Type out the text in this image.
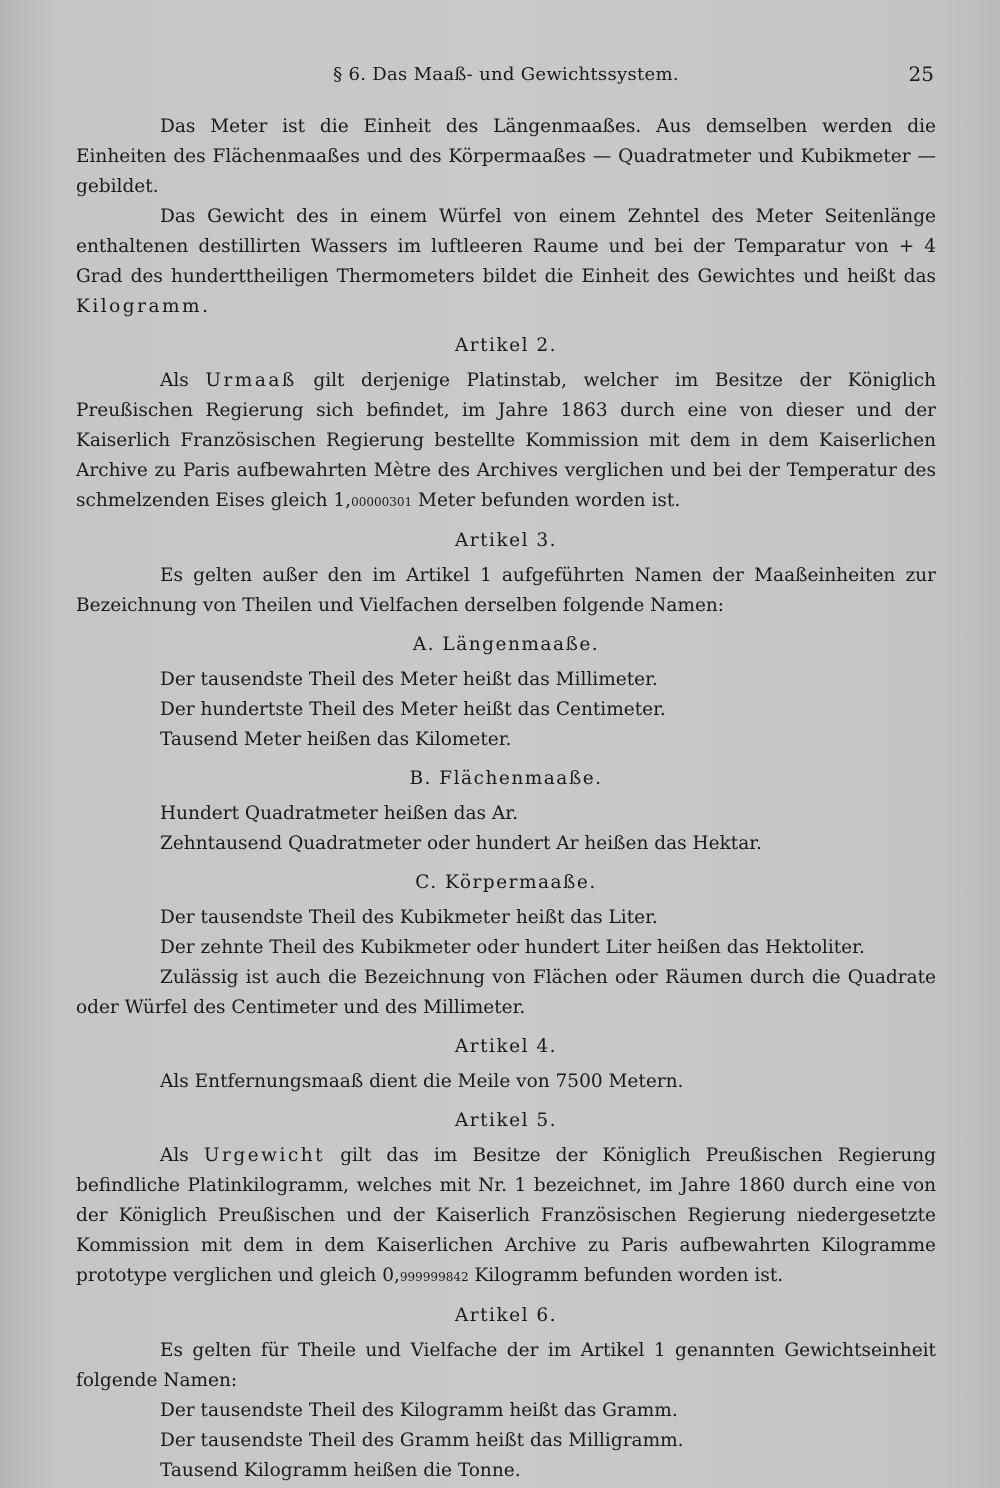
§ 6. Das Maaß- und Gewichtssystem.	25

Das Meter ist die Einheit des Längenmaaßes. Aus demselben werden die Einheiten des Flächenmaaßes und des Körpermaaßes — Quadratmeter und Kubikmeter — gebildet.

Das Gewicht des in einem Würfel von einem Zehntel des Meter Seitenlänge enthaltenen destillirten Wassers im luftleeren Raume und bei der Temparatur von + 4 Grad des hunderttheiligen Thermometers bildet die Einheit des Gewichtes und heißt das Kilogramm.

Artikel 2.

Als Urmaaß gilt derjenige Platinstab, welcher im Besitze der Königlich Preußischen Regierung sich befindet, im Jahre 1863 durch eine von dieser und der Kaiserlich Französischen Regierung bestellte Kommission mit dem in dem Kaiserlichen Archive zu Paris aufbewahrten Mètre des Archives verglichen und bei der Temperatur des schmelzenden Eises gleich 1,00000301 Meter befunden worden ist.

Artikel 3.

Es gelten außer den im Artikel 1 aufgeführten Namen der Maaßeinheiten zur Bezeichnung von Theilen und Vielfachen derselben folgende Namen:

A. Längenmaaße.
Der tausendste Theil des Meter heißt das Millimeter.
Der hundertste Theil des Meter heißt das Centimeter.
Tausend Meter heißen das Kilometer.
B. Flächenmaaße.
Hundert Quadratmeter heißen das Ar.
Zehntausend Quadratmeter oder hundert Ar heißen das Hektar.
C. Körpermaaße.
Der tausendste Theil des Kubikmeter heißt das Liter.
Der zehnte Theil des Kubikmeter oder hundert Liter heißen das Hektoliter.

Zulässig ist auch die Bezeichnung von Flächen oder Räumen durch die Quadrate oder Würfel des Centimeter und des Millimeter.

Artikel 4.

Als Entfernungsmaaß dient die Meile von 7500 Metern.

Artikel 5.

Als Urgewicht gilt das im Besitze der Königlich Preußischen Regierung befindliche Platinkilogramm, welches mit Nr. 1 bezeichnet, im Jahre 1860 durch eine von der Königlich Preußischen und der Kaiserlich Französischen Regierung niedergesetzte Kommission mit dem in dem Kaiserlichen Archive zu Paris aufbewahrten Kilogramme prototype verglichen und gleich 0,999999842 Kilogramm befunden worden ist.

Artikel 6.

Es gelten für Theile und Vielfache der im Artikel 1 genannten Gewichtseinheit folgende Namen:

Der tausendste Theil des Kilogramm heißt das Gramm.
Der tausendste Theil des Gramm heißt das Milligramm.
Tausend Kilogramm heißen die Tonne.
